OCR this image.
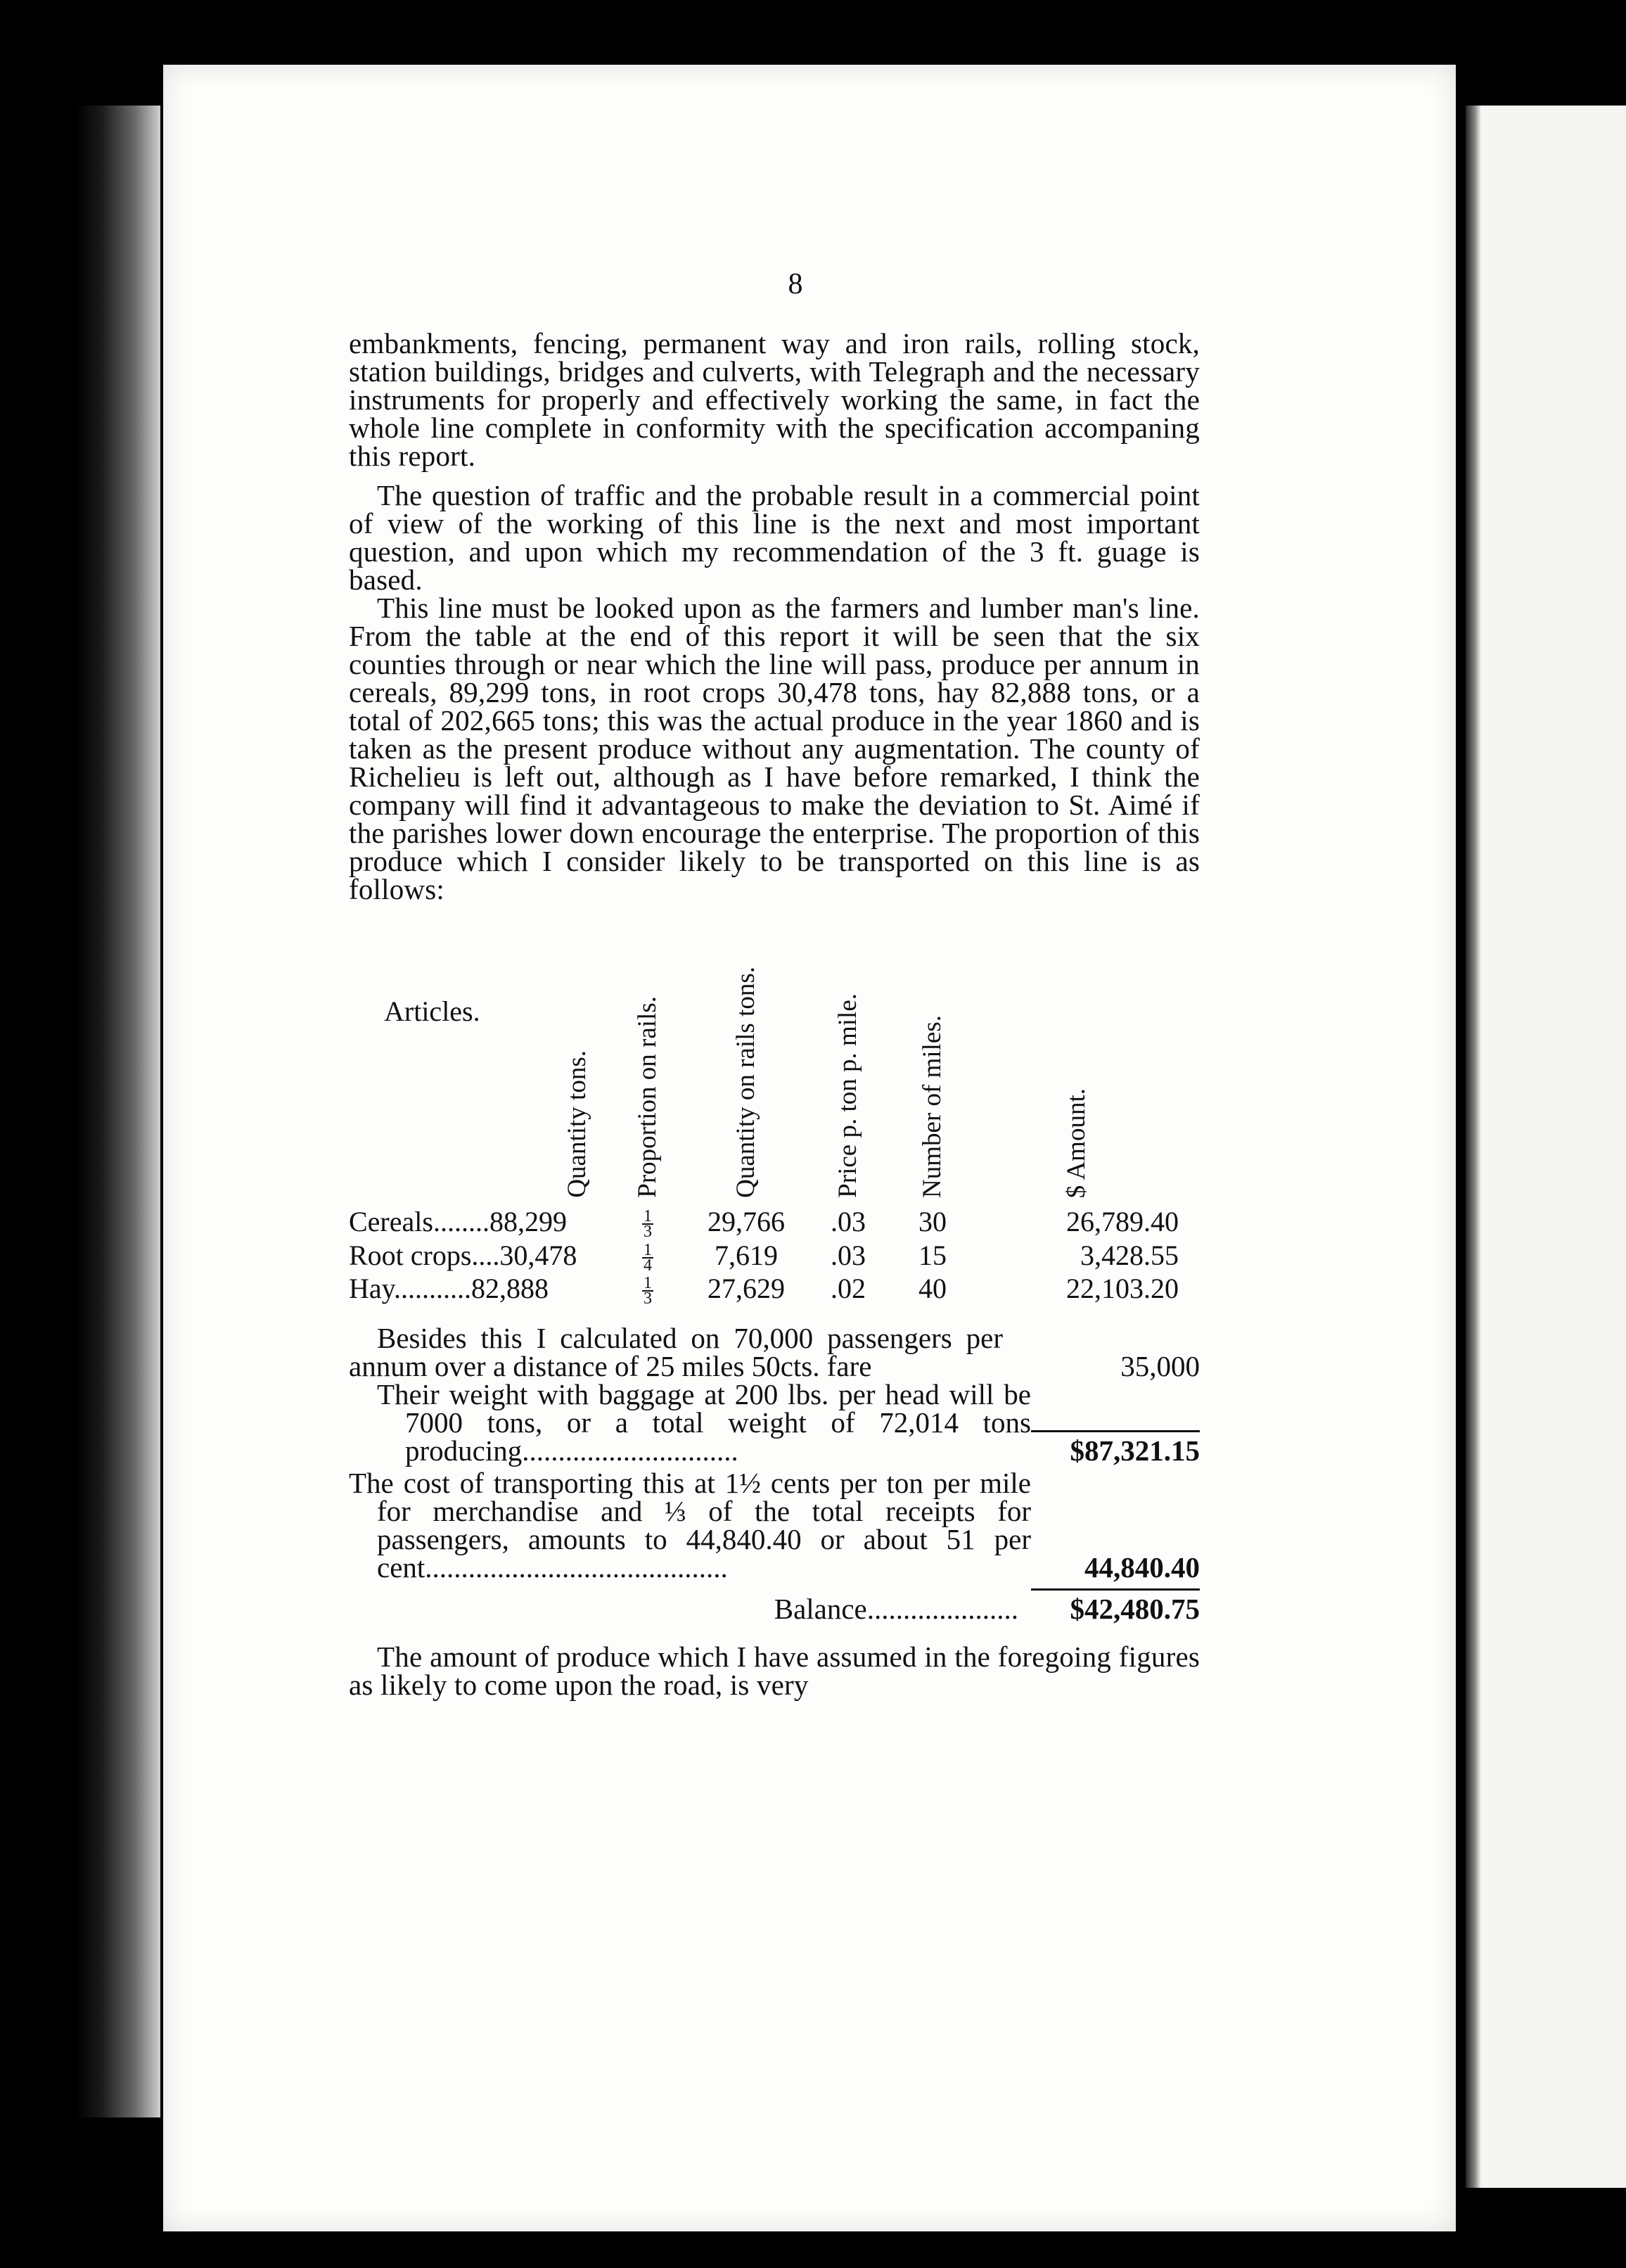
8

embankments, fencing, permanent way and iron rails, rolling stock, station buildings, bridges and culverts, with Telegraph and the necessary instruments for properly and effectively working the same, in fact the whole line complete in conformity with the specification accompaning this report.

The question of traffic and the probable result in a commercial point of view of the working of this line is the next and most important question, and upon which my recommendation of the 3 ft. guage is based.

This line must be looked upon as the farmers and lumber man's line. From the table at the end of this report it will be seen that the six counties through or near which the line will pass, produce per annum in cereals, 89,299 tons, in root crops 30,478 tons, hay 82,888 tons, or a total of 202,665 tons; this was the actual produce in the year 1860 and is taken as the present produce without any augmentation. The county of Richelieu is left out, although as I have before remarked, I think the company will find it advantageous to make the deviation to St. Aimé if the parishes lower down encourage the enterprise. The proportion of this produce which I consider likely to be transported on this line is as follows:

Articles.	Quantity tons.	Proportion on rails.	Quantity on rails tons.	Price p. ton p. mile.	Number of miles.	$ Amount.
Cereals........88,299		$\frac{1}{3}$	29,766	.03	30	26,789.40
Root crops....30,478		$\frac{1}{4}$	7,619	.03	15	3,428.55
Hay...........82,888		$\frac{1}{3}$	27,629	.02	40	22,103.20
Besides this I calculated on 70,000 passengers per annum over a distance of 25 miles 50cts. fare	35,000
Their weight with baggage at 200 lbs. per head will be 7000 tons, or a total weight of 72,014 tons producing..............................	$87,321.15
The cost of transporting this at 1½ cents per ton per mile for merchandise and ⅓ of the total receipts for passengers, amounts to 44,840.40 or about 51 per cent..........................................	44,840.40
Balance.....................	$42,480.75

The amount of produce which I have assumed in the foregoing figures as likely to come upon the road, is very
